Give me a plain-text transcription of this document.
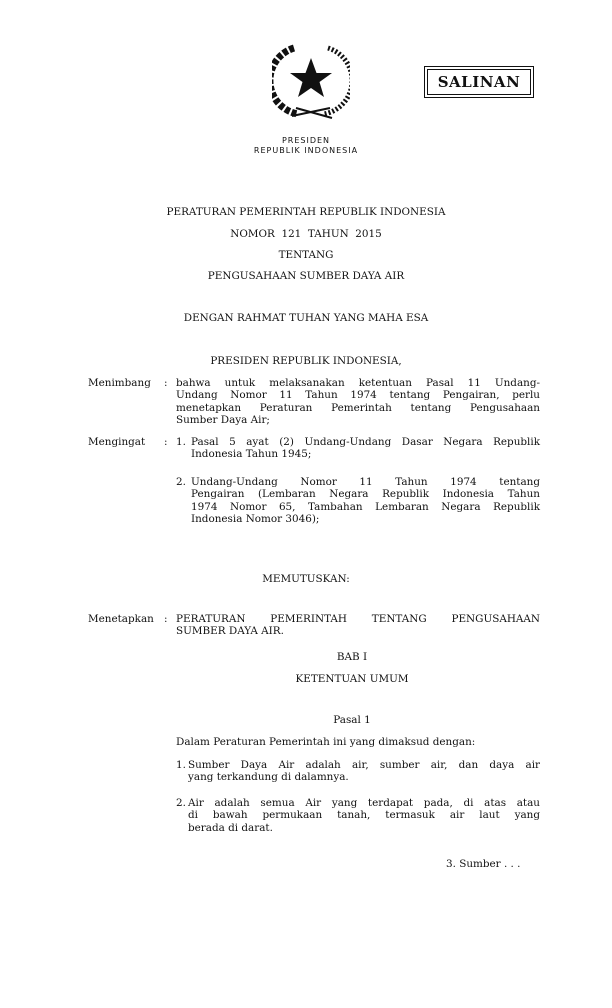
SALINAN
PRESIDEN
REPUBLIK INDONESIA
PERATURAN PEMERINTAH REPUBLIK INDONESIA
NOMOR  121  TAHUN  2015
TENTANG
PENGUSAHAAN SUMBER DAYA AIR
DENGAN RAHMAT TUHAN YANG MAHA ESA
PRESIDEN REPUBLIK INDONESIA,
Menimbang :
Mengingat :
MEMUTUSKAN:
Menetapkan :
BAB I
KETENTUAN UMUM
Pasal 1
Dalam Peraturan Pemerintah ini yang dimaksud dengan:
3. Sumber . . .
bahwa untuk melaksanakan ketentuan Pasal 11 Undang-
Undang Nomor 11 Tahun 1974 tentang Pengairan, perlu
menetapkan Peraturan Pemerintah tentang Pengusahaan
Sumber Daya Air;
1. Pasal 5 ayat (2) Undang-Undang Dasar Negara Republik
Indonesia Tahun 1945;
2. Undang-Undang Nomor 11 Tahun 1974 tentang
Pengairan (Lembaran Negara Republik Indonesia Tahun
1974 Nomor 65, Tambahan Lembaran Negara Republik
Indonesia Nomor 3046);
PERATURAN PEMERINTAH TENTANG PENGUSAHAAN
SUMBER DAYA AIR.
1. Sumber Daya Air adalah air, sumber air, dan daya air
yang terkandung di dalamnya.
2. Air adalah semua Air yang terdapat pada, di atas atau
di bawah permukaan tanah, termasuk air laut yang
berada di darat.
